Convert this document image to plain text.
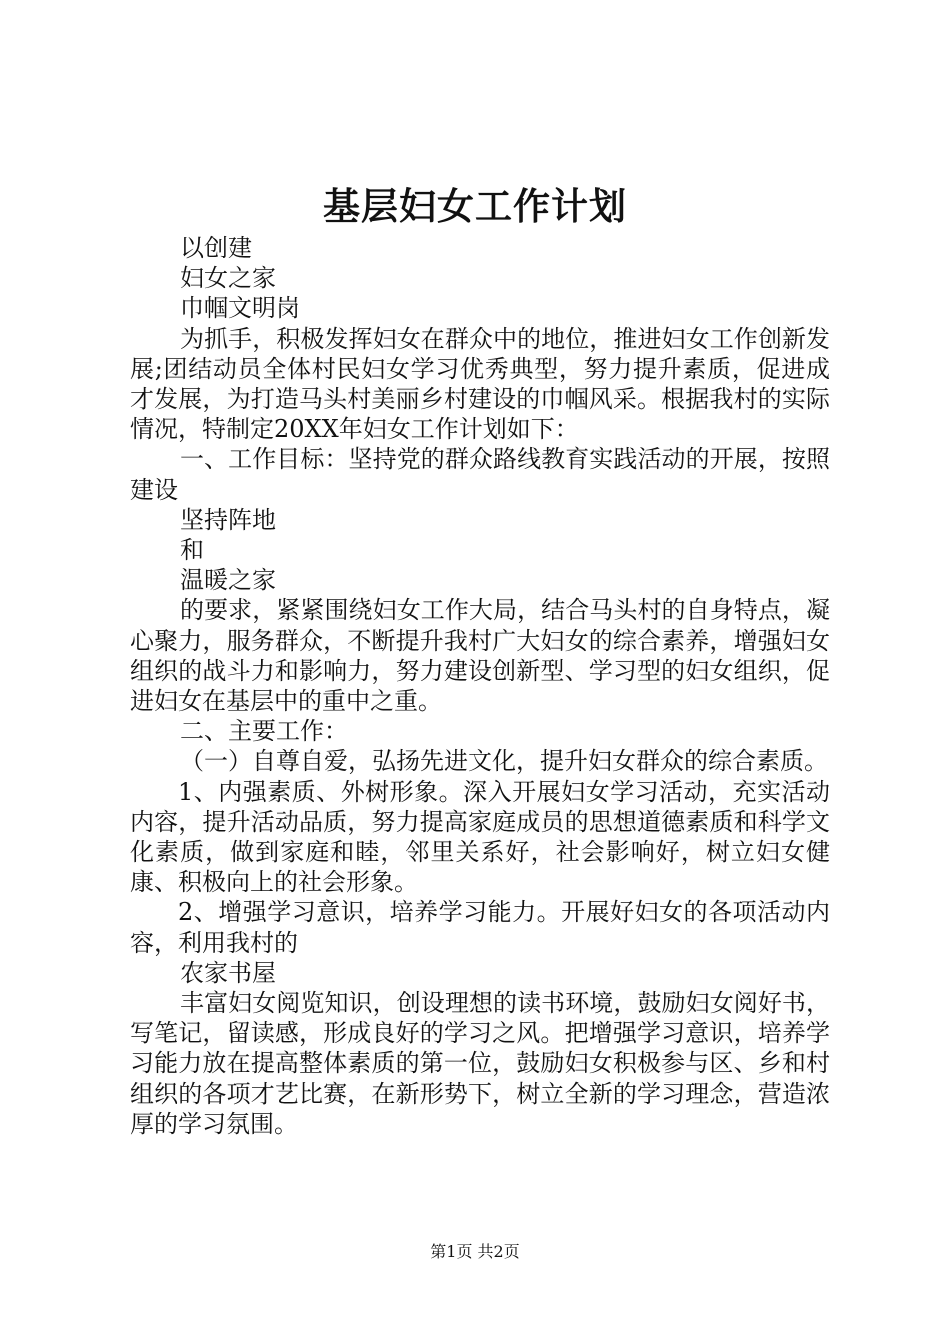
基层妇女工作计划

以创建

妇女之家

巾帼文明岗

为抓手，积极发挥妇女在群众中的地位，推进妇女工作创新发展;团结动员全体村民妇女学习优秀典型，努力提升素质，促进成才发展，为打造马头村美丽乡村建设的巾帼风采。根据我村的实际情况，特制定20XX年妇女工作计划如下：

一、工作目标：坚持党的群众路线教育实践活动的开展，按照建设

坚持阵地

和

温暖之家

的要求，紧紧围绕妇女工作大局，结合马头村的自身特点，凝心聚力，服务群众，不断提升我村广大妇女的综合素养，增强妇女组织的战斗力和影响力，努力建设创新型、学习型的妇女组织，促进妇女在基层中的重中之重。

二、主要工作：

（一）自尊自爱，弘扬先进文化，提升妇女群众的综合素质。

1、内强素质、外树形象。深入开展妇女学习活动，充实活动内容，提升活动品质，努力提高家庭成员的思想道德素质和科学文化素质，做到家庭和睦，邻里关系好，社会影响好，树立妇女健康、积极向上的社会形象。

2、增强学习意识，培养学习能力。开展好妇女的各项活动内容，利用我村的

农家书屋

丰富妇女阅览知识，创设理想的读书环境，鼓励妇女阅好书，写笔记，留读感，形成良好的学习之风。把增强学习意识，培养学习能力放在提高整体素质的第一位，鼓励妇女积极参与区、乡和村组织的各项才艺比赛，在新形势下，树立全新的学习理念，营造浓厚的学习氛围。

第1页 共2页
